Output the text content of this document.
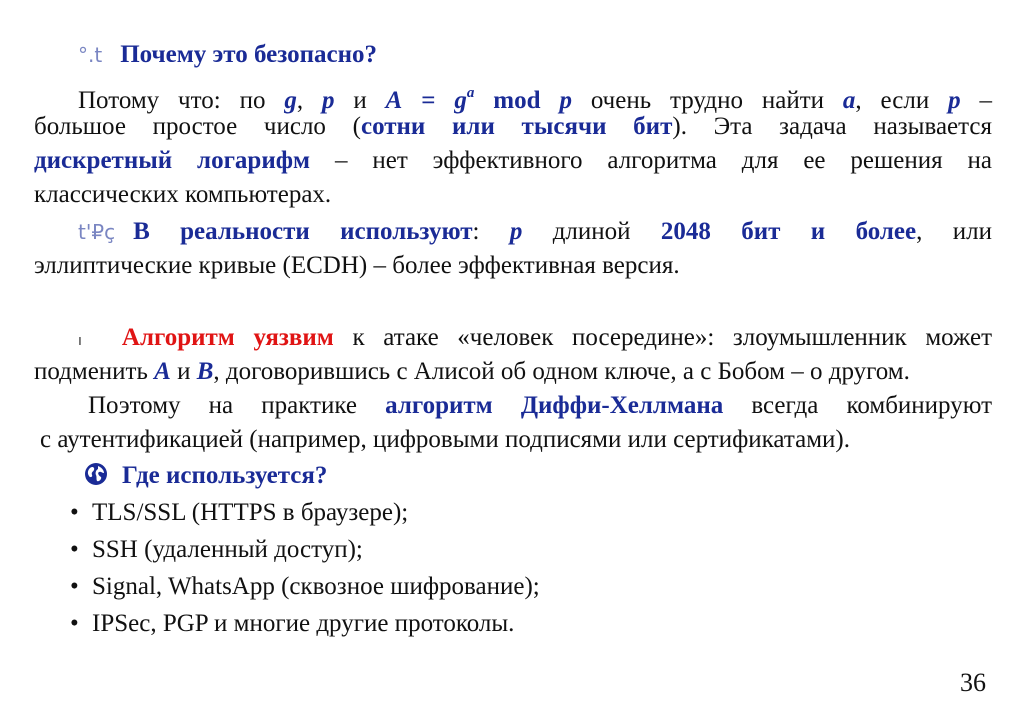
°.t Почему это безопасно?
Потому что: по g, p и $A = g^a$ mod p очень трудно найти a, если p –
большое простое число (сотни или тысячи бит). Эта задача называется
дискретный логарифм – нет эффективного алгоритма для ее решения на
классических компьютерах.
t'₽ç В реальности используют: p длиной 2048 бит и более, или
эллиптические кривые (ECDH) – более эффективная версия.
ı Алгоритм уязвим к атаке «человек посередине»: злоумышленник может
подменить A и B, договорившись с Алисой об одном ключе, а с Бобом – о другом.
Поэтому на практике алгоритм Диффи-Хеллмана всегда комбинируют
с аутентификацией (например, цифровыми подписями или сертификатами).
Где используется?
• TLS/SSL (HTTPS в браузере);
• SSH (удаленный доступ);
• Signal, WhatsApp (сквозное шифрование);
• IPSec, PGP и многие другие протоколы.
36
